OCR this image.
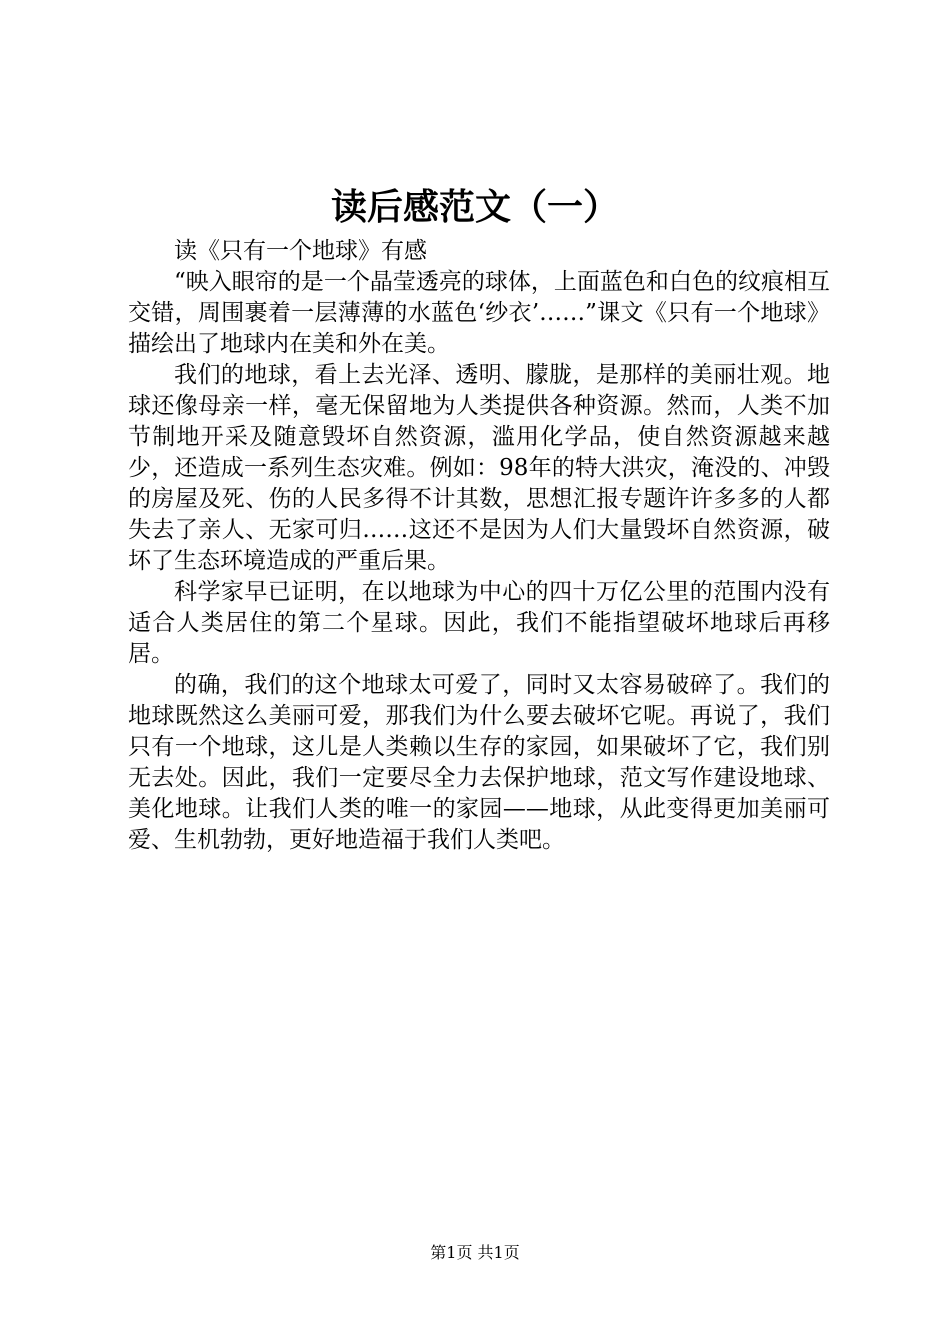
读后感范文（一）

读《只有一个地球》有感

“映入眼帘的是一个晶莹透亮的球体，上面蓝色和白色的纹痕相互交错，周围裹着一层薄薄的水蓝色‘纱衣’……”课文《只有一个地球》描绘出了地球内在美和外在美。

我们的地球，看上去光泽、透明、朦胧，是那样的美丽壮观。地球还像母亲一样，毫无保留地为人类提供各种资源。然而，人类不加节制地开采及随意毁坏自然资源，滥用化学品，使自然资源越来越少，还造成一系列生态灾难。例如：98年的特大洪灾，淹没的、冲毁的房屋及死、伤的人民多得不计其数，思想汇报专题许许多多的人都失去了亲人、无家可归……这还不是因为人们大量毁坏自然资源，破坏了生态环境造成的严重后果。

科学家早已证明，在以地球为中心的四十万亿公里的范围内没有适合人类居住的第二个星球。因此，我们不能指望破坏地球后再移居。

的确，我们的这个地球太可爱了，同时又太容易破碎了。我们的地球既然这么美丽可爱，那我们为什么要去破坏它呢。再说了，我们只有一个地球，这儿是人类赖以生存的家园，如果破坏了它，我们别无去处。因此，我们一定要尽全力去保护地球，范文写作建设地球、美化地球。让我们人类的唯一的家园——地球，从此变得更加美丽可爱、生机勃勃，更好地造福于我们人类吧。

第1页 共1页
